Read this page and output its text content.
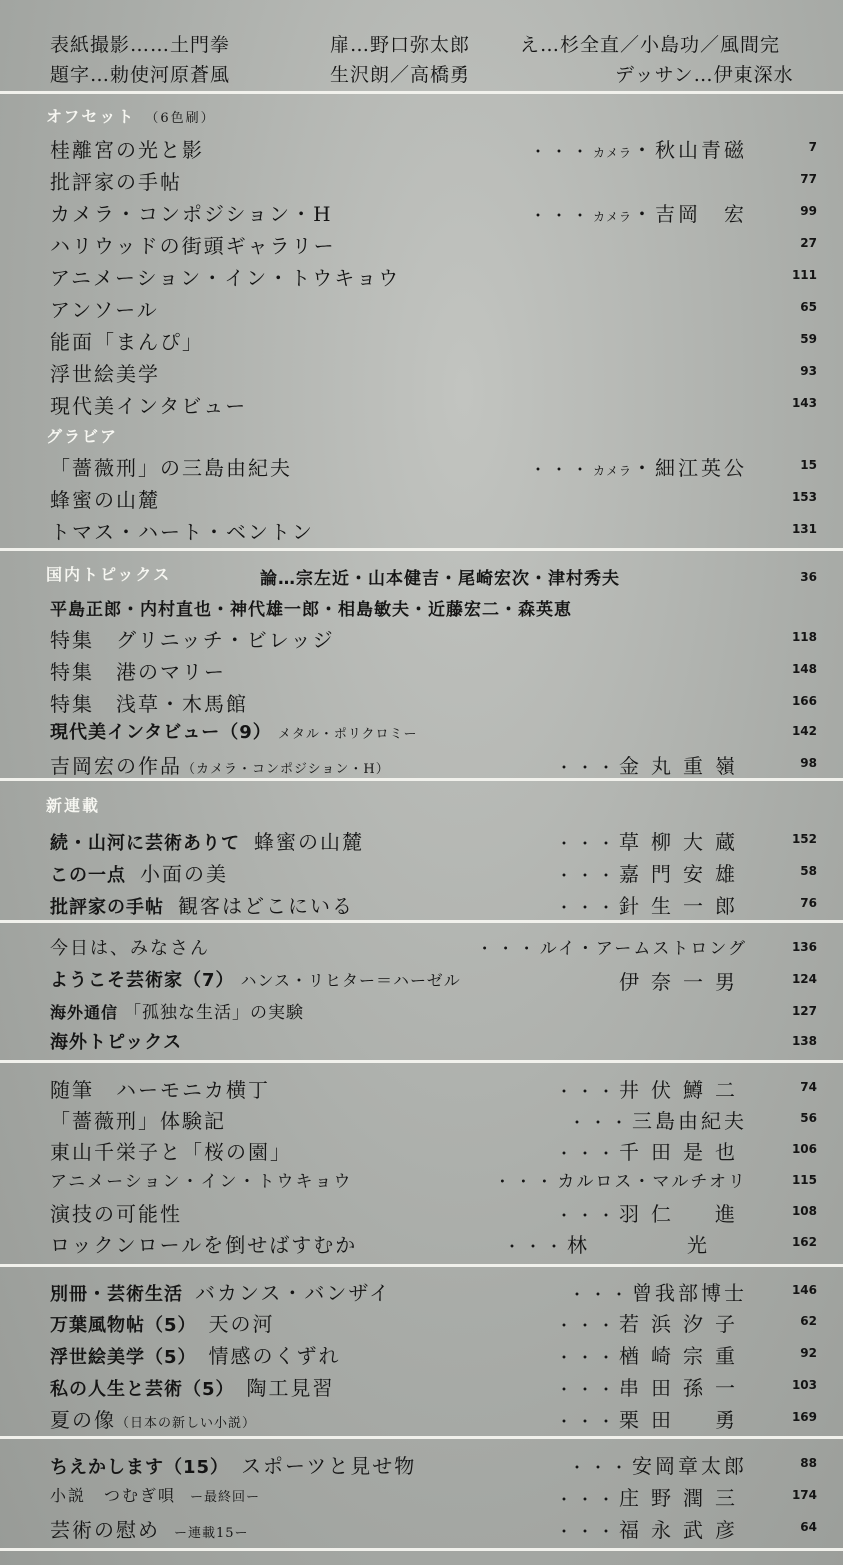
表紙撮影……土門拳	扉…野口弥太郎	え…杉全直／小島功／風間完
題字…勅使河原蒼風	生沢朗／高橋勇	デッサン…伊東深水
オフセット （6色刷）
桂離宮の光と影	・・・カメラ・秋山青磁	7
批評家の手帖	77
カメラ・コンポジション・H	・・・カメラ・吉岡　宏	99
ハリウッドの街頭ギャラリー	27
アニメーション・イン・トウキョウ	111
アンソール	65
能面「まんぴ」	59
浮世絵美学	93
現代美インタビュー	143
グラビア
「薔薇刑」の三島由紀夫	・・・カメラ・細江英公	15
蜂蜜の山麓	153
トマス・ハート・ベントン	131
国内トピックス	論…宗左近・山本健吉・尾崎宏次・津村秀夫	36
平島正郎・内村直也・神代雄一郎・相島敏夫・近藤宏二・森英恵
特集　グリニッチ・ビレッジ	118
特集　港のマリー	148
特集　浅草・木馬館	166
現代美インタビュー（9） メタル・ポリクロミー	142
吉岡宏の作品（カメラ・コンポジション・H）	・・・金丸重嶺	98
新連載
続・山河に芸術ありて 蜂蜜の山麓	・・・草柳大蔵	152
この一点 小面の美	・・・嘉門安雄	58
批評家の手帖 観客はどこにいる	・・・針生一郎	76
今日は、みなさん	・・・ルイ・アームストロング	136
ようこそ芸術家（7） ハンス・リヒター＝ハーゼル	伊奈一男	124
海外通信 「孤独な生活」の実験	127
海外トピックス	138
随筆　ハーモニカ横丁	・・・井伏鱒二	74
「薔薇刑」体験記	・・・三島由紀夫	56
東山千栄子と「桜の園」	・・・千田是也	106
アニメーション・イン・トウキョウ	・・・カルロス・マルチオリ	115
演技の可能性	・・・羽仁　進	108
ロックンロールを倒せばすむか	・・・林　光	162
別冊・芸術生活 バカンス・バンザイ	・・・曾我部博士	146
万葉風物帖（5） 天の河	・・・若浜汐子	62
浮世絵美学（5） 情感のくずれ	・・・楢崎宗重	92
私の人生と芸術（5） 陶工見習	・・・串田孫一	103
夏の像（日本の新しい小説）	・・・栗田　勇	169
ちえかします（15） スポーツと見せ物	・・・安岡章太郎	88
小説　つむぎ唄 ー最終回ー	・・・庄野潤三	174
芸術の慰め ー連載15ー	・・・福永武彦	64
